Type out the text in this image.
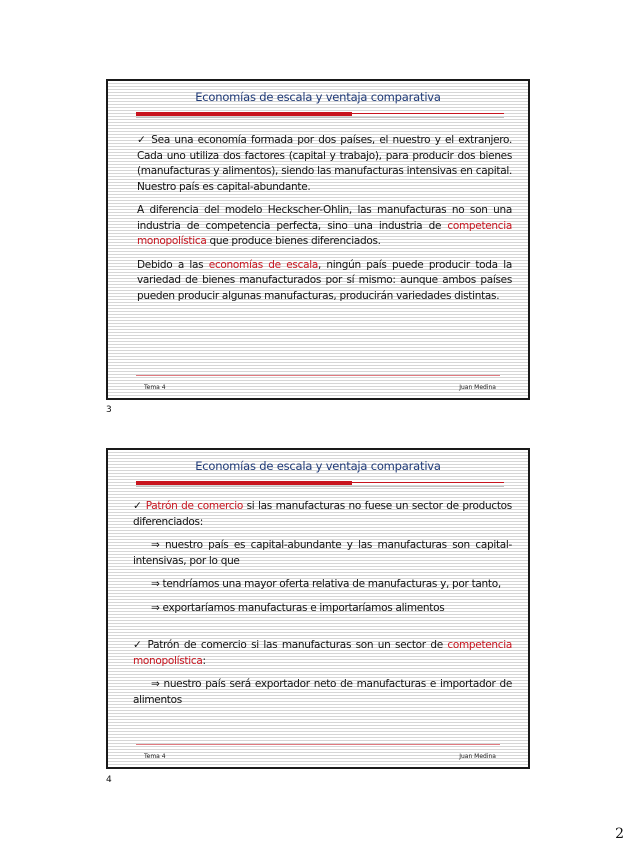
Economías de escala y ventaja comparativa

✓ Sea una economía formada por dos países, el nuestro y el extranjero. Cada uno utiliza dos factores (capital y trabajo), para producir dos bienes (manufacturas y alimentos), siendo las manufacturas intensivas en capital. Nuestro país es capital-abundante.

A diferencia del modelo Heckscher-Ohlin, las manufacturas no son una industria de competencia perfecta, sino una industria de competencia monopolística que produce bienes diferenciados.

Debido a las economías de escala, ningún país puede producir toda la variedad de bienes manufacturados por sí mismo: aunque ambos países pueden producir algunas manufacturas, producirán variedades distintas.

Tema 4	Juan Medina
3
Economías de escala y ventaja comparativa

✓ Patrón de comercio si las manufacturas no fuese un sector de productos diferenciados:

⇒ nuestro país es capital-abundante y las manufacturas son capital-intensivas, por lo que

⇒ tendríamos una mayor oferta relativa de manufacturas y, por tanto,

⇒ exportaríamos manufacturas e importaríamos alimentos

✓ Patrón de comercio si las manufacturas son un sector de competencia monopolística:

⇒ nuestro país será exportador neto de manufacturas e importador de alimentos

Tema 4	Juan Medina
4
2
